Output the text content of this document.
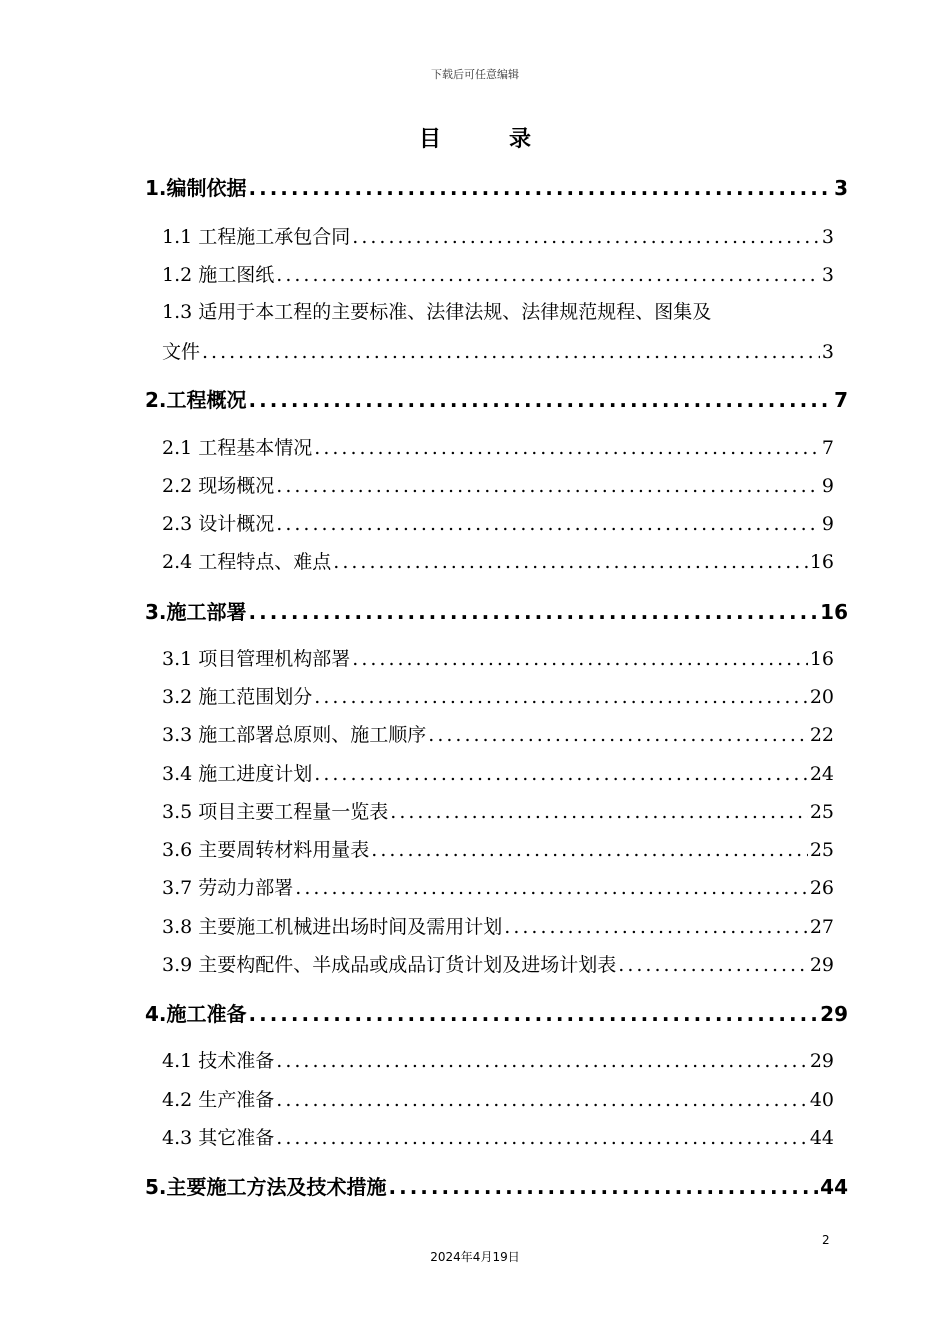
下载后可任意编辑
目	录
1.编制依据 .....	3
1.1 工程施工承包合同 .....	3
1.2 施工图纸 .....	3
1.3 适用于本工程的主要标准、法律法规、法律规范规程、图集及
文件 .....	3
2.工程概况 .....	7
2.1 工程基本情况 .....	7
2.2 现场概况 .....	9
2.3 设计概况 .....	9
2.4 工程特点、难点 .....	16
3.施工部署 .....	16
3.1 项目管理机构部署 .....	16
3.2 施工范围划分 .....	20
3.3 施工部署总原则、施工顺序 .....	22
3.4 施工进度计划 .....	24
3.5 项目主要工程量一览表 .....	25
3.6 主要周转材料用量表 .....	25
3.7 劳动力部署 .....	26
3.8 主要施工机械进出场时间及需用计划 .....	27
3.9 主要构配件、半成品或成品订货计划及进场计划表 .....	29
4.施工准备 .....	29
4.1 技术准备 .....	29
4.2 生产准备 .....	40
4.3 其它准备 .....	44
5.主要施工方法及技术措施 .....	44
2
2024年4月19日
